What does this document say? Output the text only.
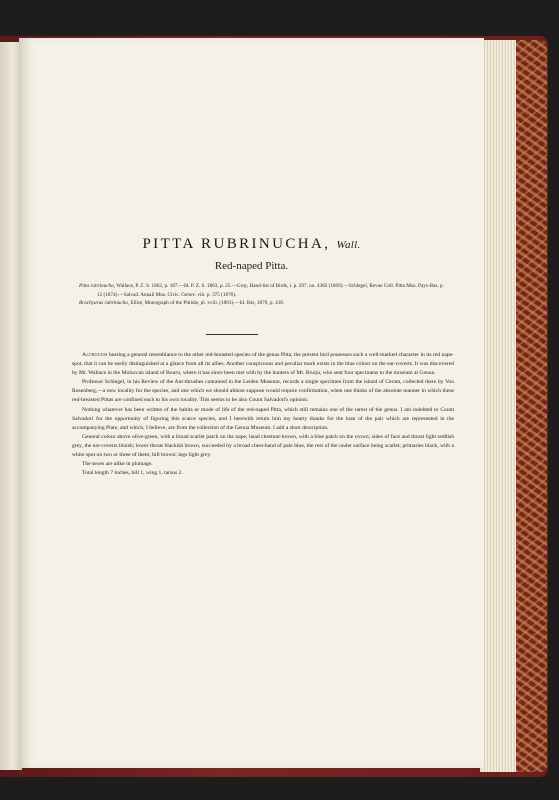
PITTA RUBRINUCHA, Wall.
Red-naped Pitta.
Pitta rubrinucha, Wallace, P. Z. S. 1862, p. 187.—Id. P. Z. S. 1863, p. 25.—Gray, Hand-list of Birds, i. p. 297. no. 4382 (1869).—Schlegel, Revue Coll. Pitta Mus. Pays-Bas, p. 12 (1874).—Salvad. Annali Mus. Civic. Genov. viii. p. 375 (1876).
Brachyurus rubrinucha, Elliot, Monograph of the Pittidæ, pl. xviii. (1863).—Id. Ibis, 1870, p. 418.

Although bearing a general resemblance to the other red-breasted species of the genus Pitta, the present bird possesses such a well-marked character in its red nape-spot, that it can be easily distinguished at a glance from all its allies. Another conspicuous and peculiar mark exists in the blue colour on the ear-coverts. It was discovered by Mr. Wallace in the Moluccan island of Bouru, where it has since been met with by the hunters of Mr. Bruijn, who sent four specimens to the museum at Genoa.

Professor Schlegel, in his Review of the Ant-thrushes contained in the Leiden Museum, records a single specimen from the island of Ceram, collected there by Von Rosenberg,—a new locality for the species, and one which we should almost suppose would require confirmation, when one thinks of the absolute manner in which these red-breasted Pittas are confined each to his own locality. This seems to be also Count Salvadori's opinion.

Nothing whatever has been written of the habits or mode of life of the red-naped Pitta, which still remains one of the rarest of the genus. I am indebted to Count Salvadori for the opportunity of figuring this scarce species, and I herewith return him my hearty thanks for the loan of the pair which are represented in the accompanying Plate, and which, I believe, are from the collection of the Genoa Museum. I add a short description.

General colour above olive-green, with a broad scarlet patch on the nape; head chestnut-brown, with a blue patch on the crown; sides of face and throat light reddish grey, the ear-coverts bluish; lower throat blackish brown, succeeded by a broad chest-band of pale blue, the rest of the under surface being scarlet; primaries black, with a white spot on two or three of them; bill brown; legs light grey.

The sexes are alike in plumage.

Total length 7 inches, bill 1, wing 1, tarsus 2.
